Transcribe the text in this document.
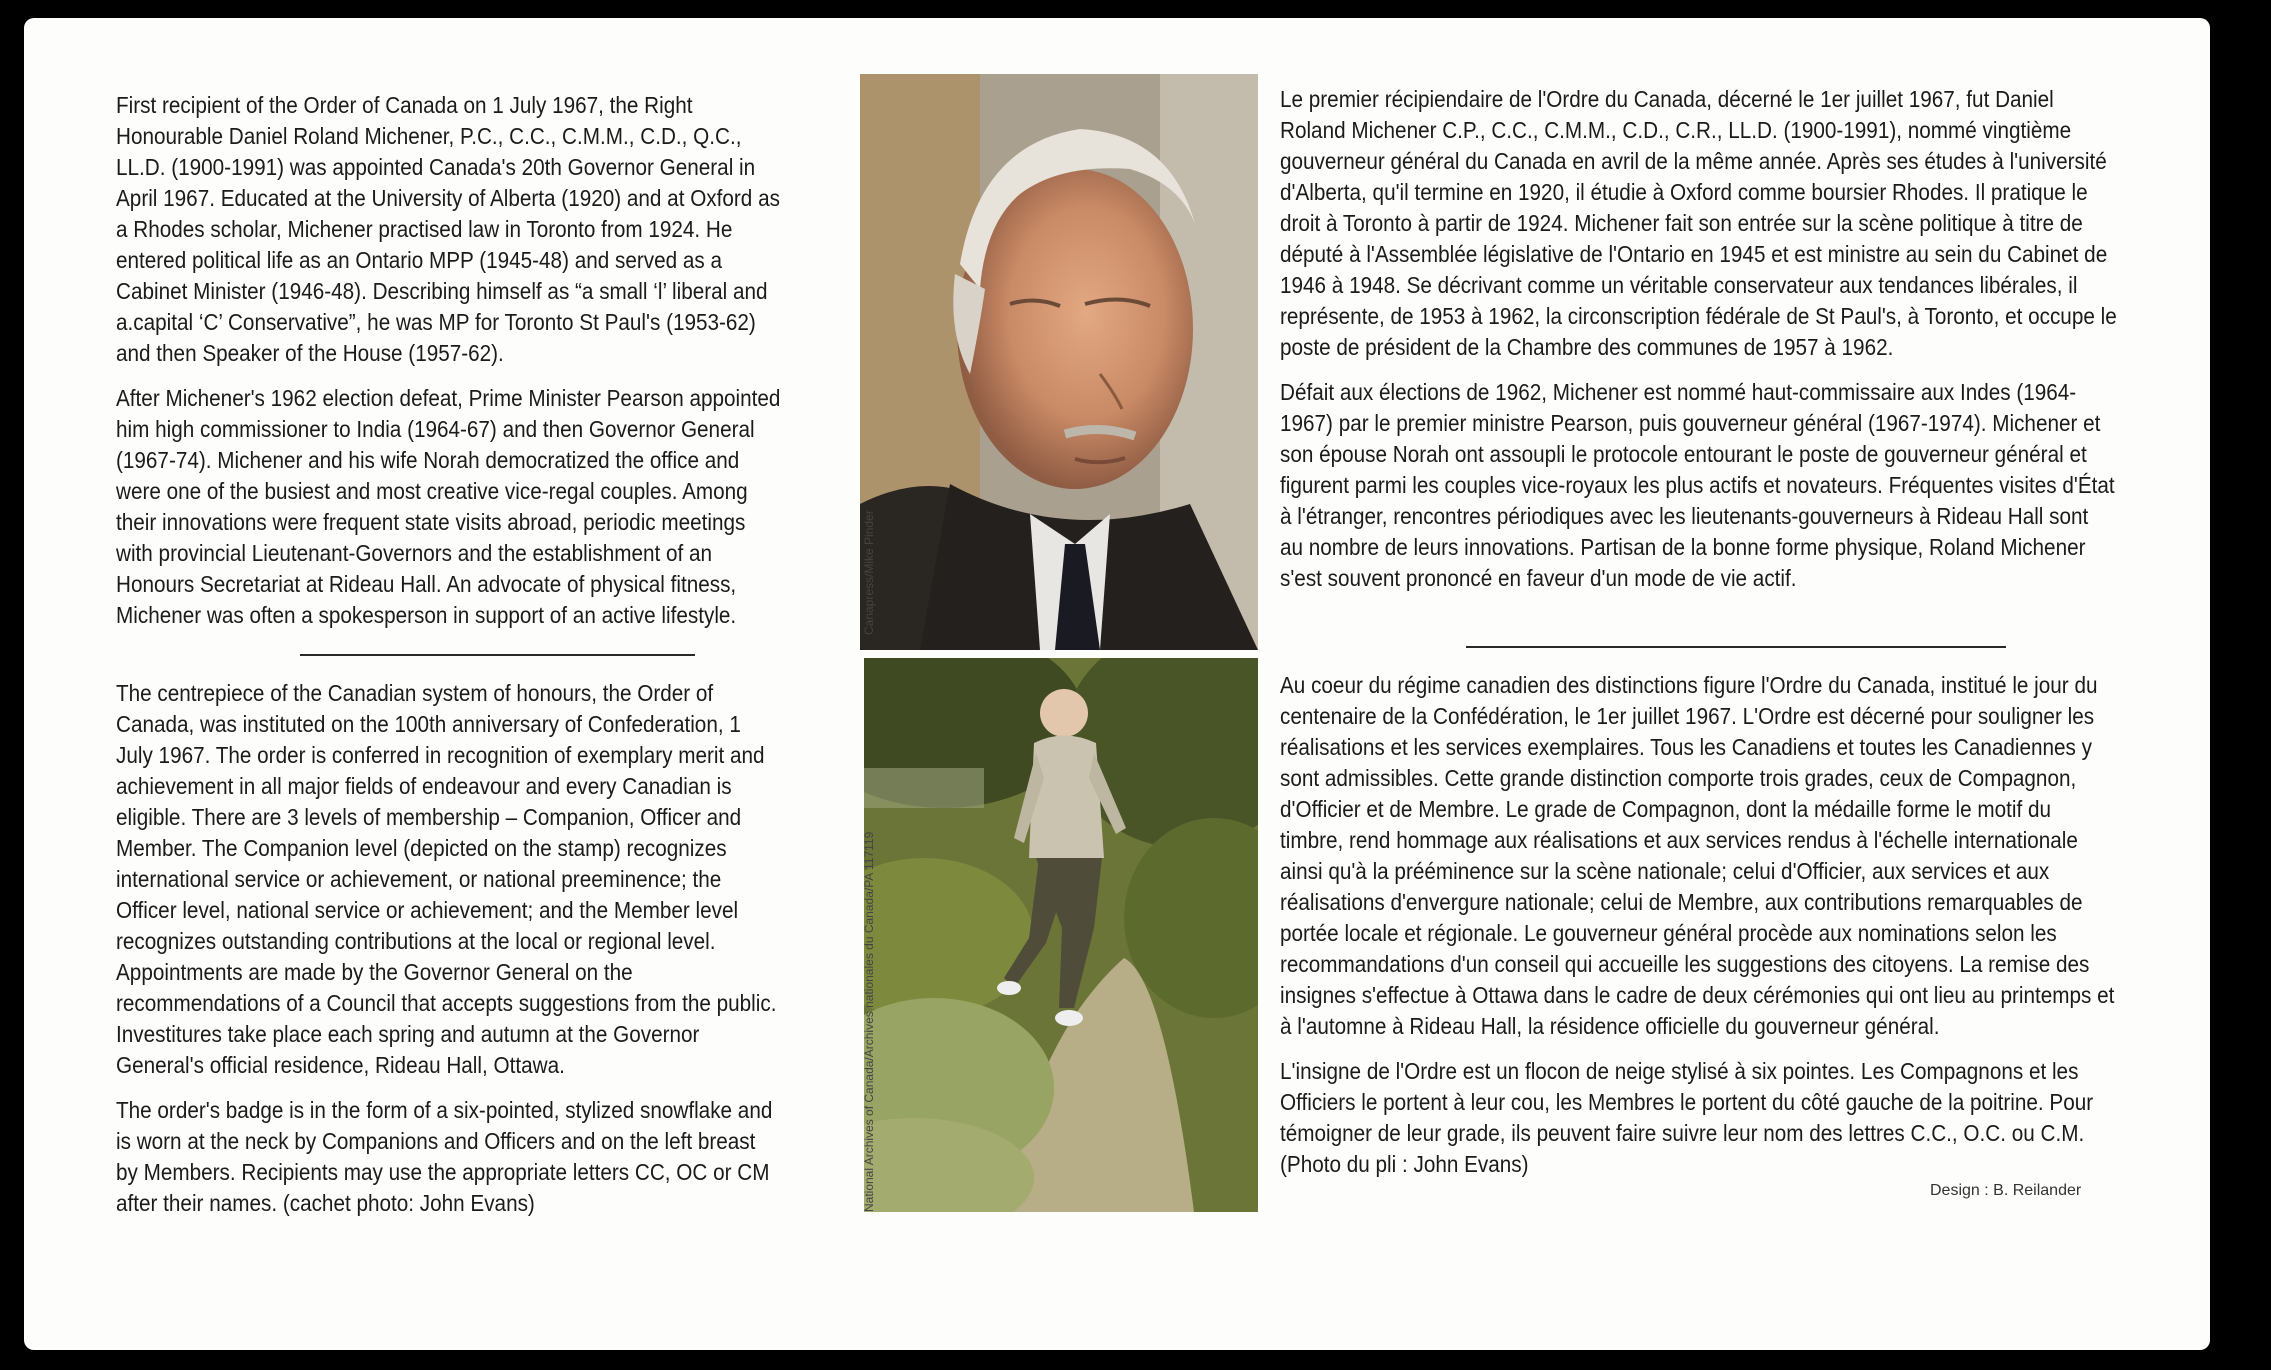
First recipient of the Order of Canada on 1 July 1967, the Right Honourable Daniel Roland Michener, P.C., C.C., C.M.M., C.D., Q.C., LL.D. (1900-1991) was appointed Canada's 20th Governor General in April 1967. Educated at the University of Alberta (1920) and at Oxford as a Rhodes scholar, Michener practised law in Toronto from 1924. He entered political life as an Ontario MPP (1945-48) and served as a Cabinet Minister (1946-48). Describing himself as “a small ‘l’ liberal and a.capital ‘C’ Conservative”, he was MP for Toronto St Paul's (1953-62) and then Speaker of the House (1957-62).

After Michener's 1962 election defeat, Prime Minister Pearson appointed him high commissioner to India (1964-67) and then Governor General (1967-74). Michener and his wife Norah democratized the office and were one of the busiest and most creative vice-regal couples. Among their innovations were frequent state visits abroad, periodic meetings with provincial Lieutenant-Governors and the establishment of an Honours Secretariat at Rideau Hall. An advocate of physical fitness, Michener was often a spokesperson in support of an active lifestyle.

The centrepiece of the Canadian system of honours, the Order of Canada, was instituted on the 100th anniversary of Confederation, 1 July 1967. The order is conferred in recognition of exemplary merit and achievement in all major fields of endeavour and every Canadian is eligible. There are 3 levels of membership – Companion, Officer and Member. The Companion level (depicted on the stamp) recognizes international service or achievement, or national preeminence; the Officer level, national service or achievement; and the Member level recognizes outstanding contributions at the local or regional level. Appointments are made by the Governor General on the recommendations of a Council that accepts suggestions from the public. Investitures take place each spring and autumn at the Governor General's official residence, Rideau Hall, Ottawa.

The order's badge is in the form of a six-pointed, stylized snowflake and is worn at the neck by Companions and Officers and on the left breast by Members. Recipients may use the appropriate letters CC, OC or CM after their names. (cachet photo: John Evans)

Canapress/Mike Pinder
National Archives of Canada/Archives nationales du Canada/PA 117119

Le premier récipiendaire de l'Ordre du Canada, décerné le 1er juillet 1967, fut Daniel Roland Michener C.P., C.C., C.M.M., C.D., C.R., LL.D. (1900-1991), nommé vingtième gouverneur général du Canada en avril de la même année. Après ses études à l'université d'Alberta, qu'il termine en 1920, il étudie à Oxford comme boursier Rhodes. Il pratique le droit à Toronto à partir de 1924. Michener fait son entrée sur la scène politique à titre de député à l'Assemblée législative de l'Ontario en 1945 et est ministre au sein du Cabinet de 1946 à 1948. Se décrivant comme un véritable conservateur aux tendances libérales, il représente, de 1953 à 1962, la circonscription fédérale de St Paul's, à Toronto, et occupe le poste de président de la Chambre des communes de 1957 à 1962.

Défait aux élections de 1962, Michener est nommé haut-commissaire aux Indes (1964-1967) par le premier ministre Pearson, puis gouverneur général (1967-1974). Michener et son épouse Norah ont assoupli le protocole entourant le poste de gouverneur général et figurent parmi les couples vice-royaux les plus actifs et novateurs. Fréquentes visites d'État à l'étranger, rencontres périodiques avec les lieutenants-gouverneurs à Rideau Hall sont au nombre de leurs innovations. Partisan de la bonne forme physique, Roland Michener s'est souvent prononcé en faveur d'un mode de vie actif.

Au coeur du régime canadien des distinctions figure l'Ordre du Canada, institué le jour du centenaire de la Confédération, le 1er juillet 1967. L'Ordre est décerné pour souligner les réalisations et les services exemplaires. Tous les Canadiens et toutes les Canadiennes y sont admissibles. Cette grande distinction comporte trois grades, ceux de Compagnon, d'Officier et de Membre. Le grade de Compagnon, dont la médaille forme le motif du timbre, rend hommage aux réalisations et aux services rendus à l'échelle internationale ainsi qu'à la prééminence sur la scène nationale; celui d'Officier, aux services et aux réalisations d'envergure nationale; celui de Membre, aux contributions remarquables de portée locale et régionale. Le gouverneur général procède aux nominations selon les recommandations d'un conseil qui accueille les suggestions des citoyens. La remise des insignes s'effectue à Ottawa dans le cadre de deux cérémonies qui ont lieu au printemps et à l'automne à Rideau Hall, la résidence officielle du gouverneur général.

L'insigne de l'Ordre est un flocon de neige stylisé à six pointes. Les Compagnons et les Officiers le portent à leur cou, les Membres le portent du côté gauche de la poitrine. Pour témoigner de leur grade, ils peuvent faire suivre leur nom des lettres C.C., O.C. ou C.M. (Photo du pli : John Evans)

Design : B. Reilander
